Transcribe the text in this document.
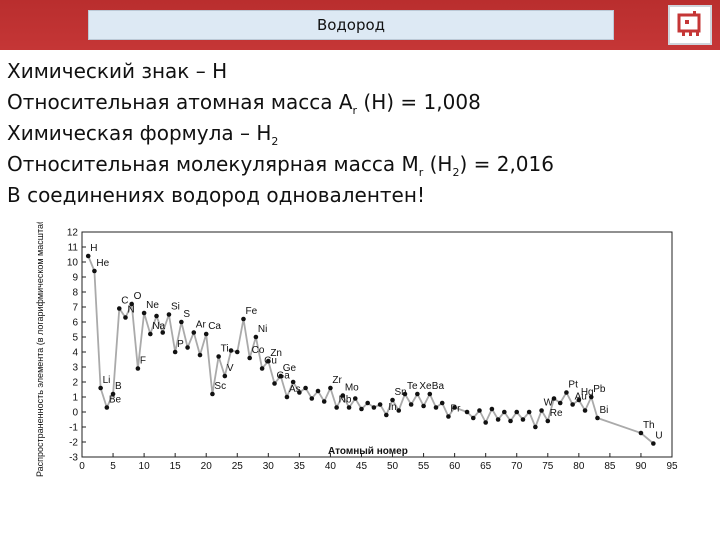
Водород
Химический знак – H
Относительная атомная масса $A_r$ (H) = 1,008
Химическая формула – $H_2$
Относительная молекулярная масса $M_r$ $(H_2) = 2,016$
В соединениях водород одновалентен!
-3
-2
-1
0
1
2
3
4
5
6
7
8
9
10
11
12
0	5 10 15 20 25 30 35 40 45 50 55 60 65 70 75 80 85 90 95
H
He
Li
Be
B
C
N
O
F
Ne
Na
Si
P
S
Ar Ca
Sc
Ti
V
Fe
Co
Ni
Cu
Zn
Ga
Ge
As
Zr
Nb
Mo	Sn
In
Te Xe Ba
Pr
W
Re
Pt
Au
Hg Pb
Bi
Th
U
Атомный номер
Распространенность элемента (в логарифмическом масштабе)
